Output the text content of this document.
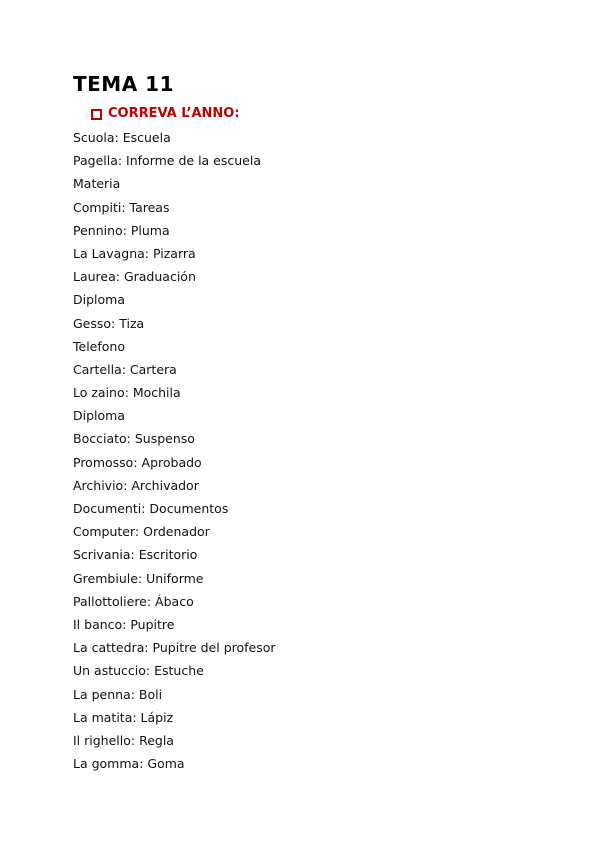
TEMA 11
CORREVA L’ANNO:
Scuola: Escuela
Pagella: Informe de la escuela
Materia
Compiti: Tareas
Pennino: Pluma
La Lavagna: Pizarra
Laurea: Graduación
Diploma
Gesso: Tiza
Telefono
Cartella: Cartera
Lo zaino: Mochila
Diploma
Bocciato: Suspenso
Promosso: Aprobado
Archivio: Archivador
Documenti: Documentos
Computer: Ordenador
Scrivania: Escritorio
Grembiule: Uniforme
Pallottoliere: Ábaco
Il banco: Pupitre
La cattedra: Pupitre del profesor
Un astuccio: Estuche
La penna: Boli
La matita: Lápiz
Il righello: Regla
La gomma: Goma
